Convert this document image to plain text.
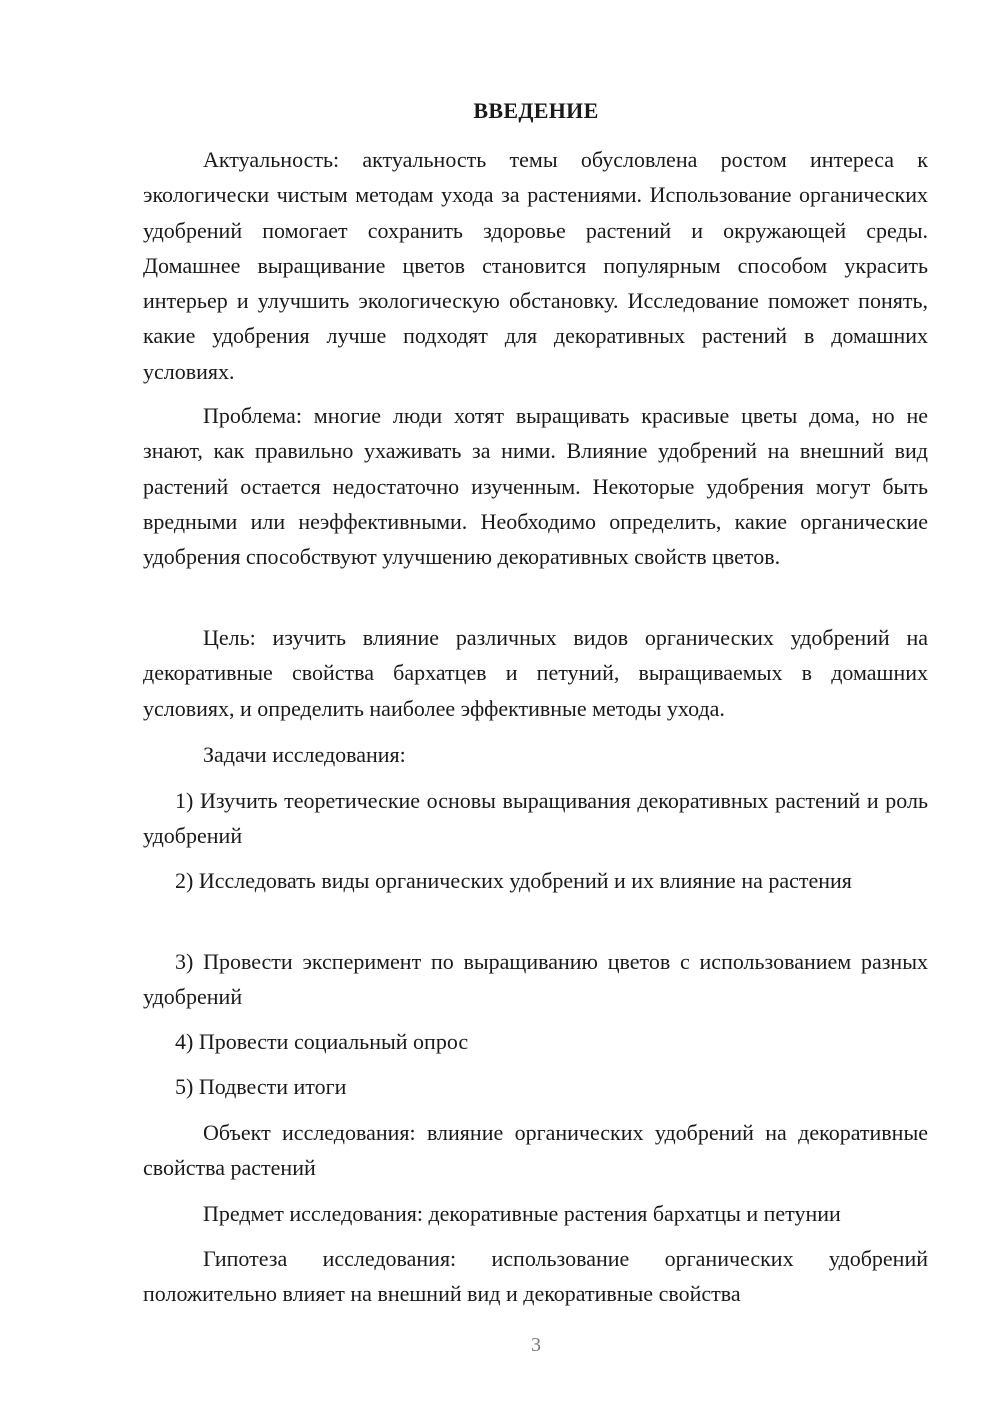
ВВЕДЕНИЕ

Актуальность: актуальность темы обусловлена ростом интереса к экологически чистым методам ухода за растениями. Использование органических удобрений помогает сохранить здоровье растений и окружающей среды. Домашнее выращивание цветов становится популярным способом украсить интерьер и улучшить экологическую обстановку. Исследование поможет понять, какие удобрения лучше подходят для декоративных растений в домашних условиях.

Проблема: многие люди хотят выращивать красивые цветы дома, но не знают, как правильно ухаживать за ними. Влияние удобрений на внешний вид растений остается недостаточно изученным. Некоторые удобрения могут быть вредными или неэффективными. Необходимо определить, какие органические удобрения способствуют улучшению декоративных свойств цветов.

Цель: изучить влияние различных видов органических удобрений на декоративные свойства бархатцев и петуний, выращиваемых в домашних условиях, и определить наиболее эффективные методы ухода.

Задачи исследования:

1) Изучить теоретические основы выращивания декоративных растений и роль удобрений

2) Исследовать виды органических удобрений и их влияние на растения

3) Провести эксперимент по выращиванию цветов с использованием разных удобрений

4) Провести социальный опрос

5) Подвести итоги

Объект исследования: влияние органических удобрений на декоративные свойства растений

Предмет исследования: декоративные растения бархатцы и петунии

Гипотеза исследования: использование органических удобрений положительно влияет на внешний вид и декоративные свойства

3
